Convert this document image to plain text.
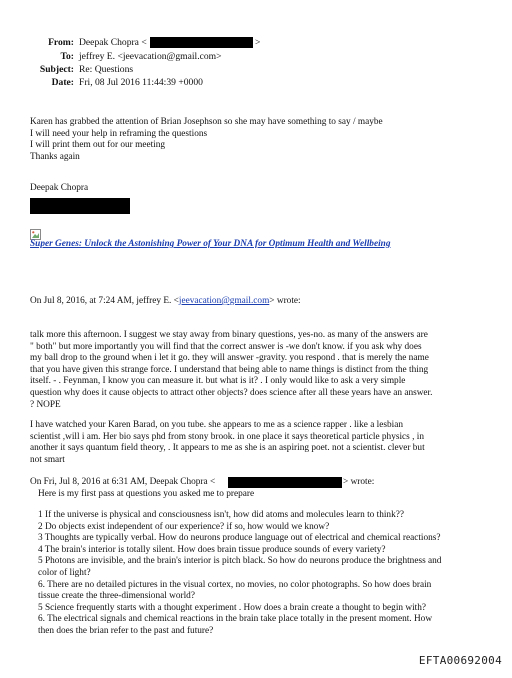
From: Deepak Chopra <	>
To: jeffrey E. <jeevacation@gmail.com>
Subject: Re: Questions
Date: Fri, 08 Jul 2016 11:44:39 +0000
Karen has grabbed the attention of Brian Josephson so she may have something to say / maybe
I will need your help in reframing the questions
I will print them out for our meeting
Thanks again
Deepak Chopra
Super Genes: Unlock the Astonishing Power of Your DNA for Optimum Health and Wellbeing
On Jul 8, 2016, at 7:24 AM, jeffrey E. <jeevacation@gmail.com> wrote:
talk more this afternoon. I suggest we stay away from binary questions, yes-no. as many of the answers are
" both" but more importantly you will find that the correct answer is -we don't know. if you ask why does
my ball drop to the ground when i let it go. they will answer -gravity. you respond . that is merely the name
that you have given this strange force. I understand that being able to name things is distinct from the thing
itself. - . Feynman, I know you can measure it. but what is it? . I only would like to ask a very simple
question why does it cause objects to attract other objects? does science after all these years have an answer.
? NOPE
I have watched your Karen Barad, on you tube. she appears to me as a science rapper . like a lesbian
scientist ,will i am. Her bio says phd from stony brook. in one place it says theoretical particle physics , in
another it says quantum field theory, . It appears to me as she is an aspiring poet. not a scientist. clever but
not smart
On Fri, Jul 8, 2016 at 6:31 AM, Deepak Chopra <	> wrote:
Here is my first pass at questions you asked me to prepare
1 If the universe is physical and consciousness isn't, how did atoms and molecules learn to think??
2 Do objects exist independent of our experience? if so, how would we know?
3 Thoughts are typically verbal. How do neurons produce language out of electrical and chemical reactions?
4 The brain's interior is totally silent. How does brain tissue produce sounds of every variety?
5 Photons are invisible, and the brain's interior is pitch black. So how do neurons produce the brightness and
color of light?
6. There are no detailed pictures in the visual cortex, no movies, no color photographs. So how does brain
tissue create the three-dimensional world?
5 Science frequently starts with a thought experiment . How does a brain create a thought to begin with?
6. The electrical signals and chemical reactions in the brain take place totally in the present moment. How
then does the brian refer to the past and future?
EFTA00692004
